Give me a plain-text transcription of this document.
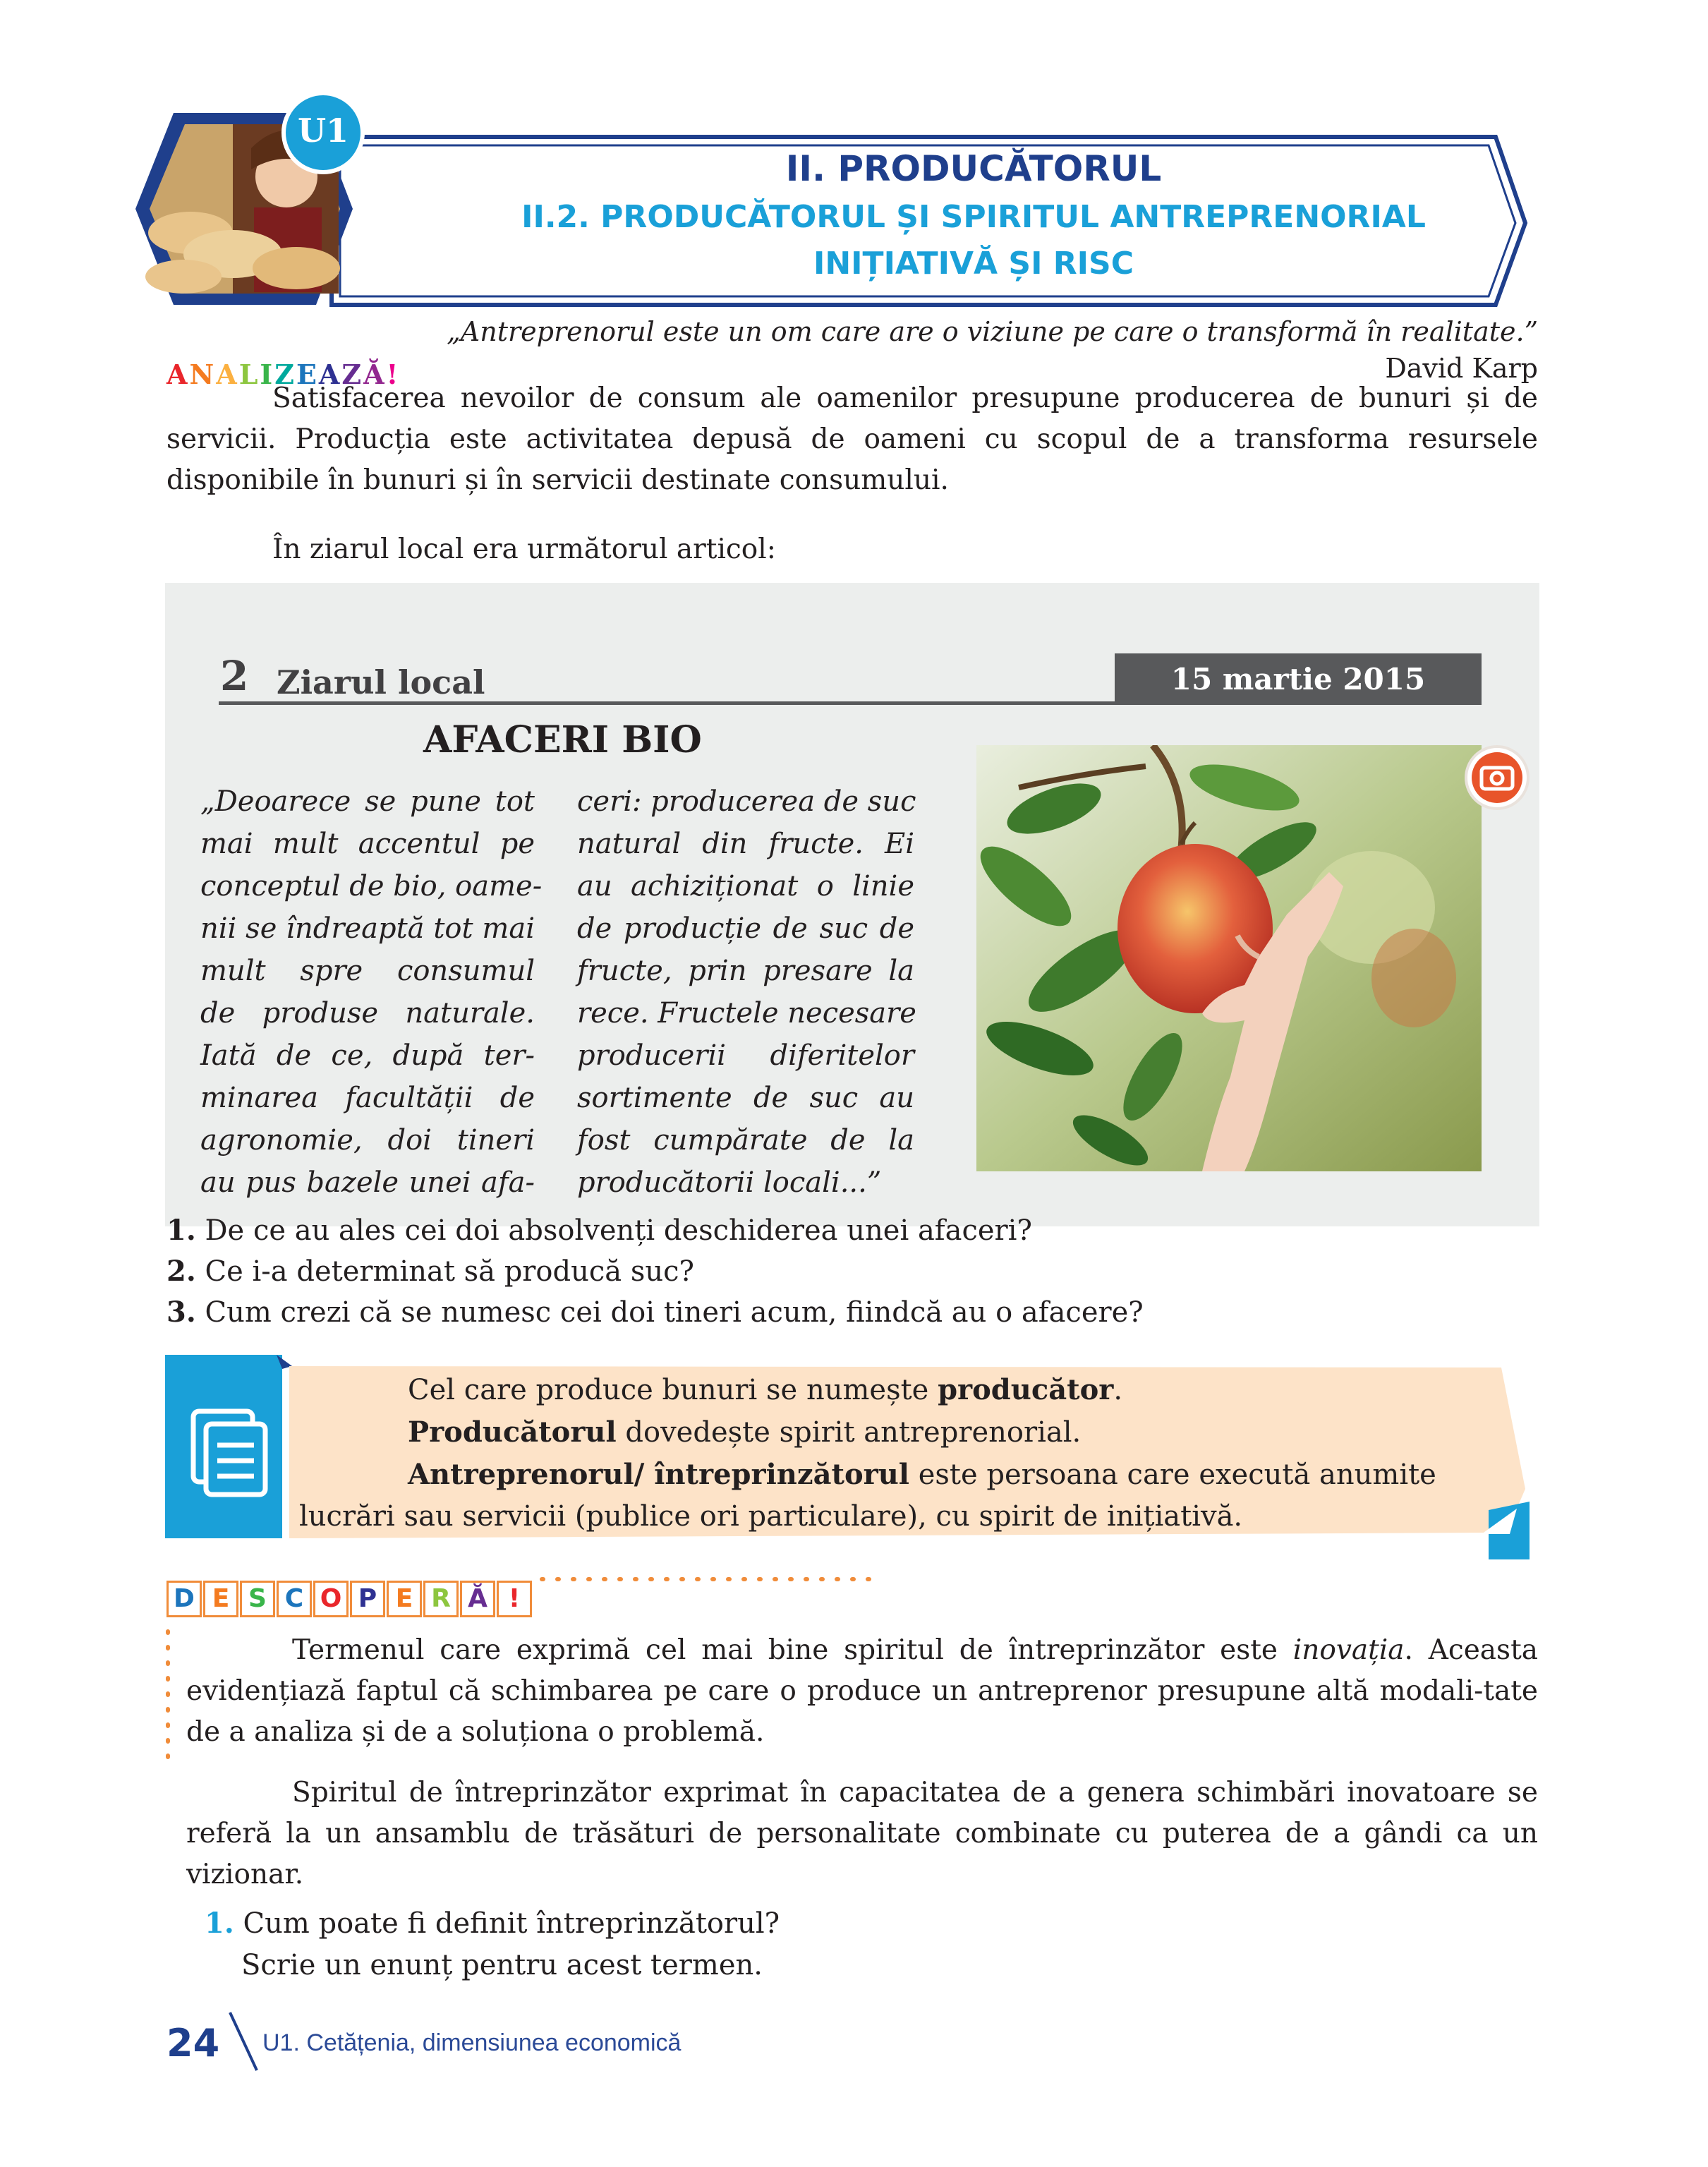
U1
II. PRODUCĂTORUL
II.2. PRODUCĂTORUL ȘI SPIRITUL ANTREPRENORIAL
INIȚIATIVĂ ȘI RISC
„Antreprenorul este un om care are o viziune pe care o transformă în realitate.”
David Karp
ANALIZEAZĂ!

Satisfacerea nevoilor de consum ale oamenilor presupune producerea de bunuri și de servicii. Producția este activitatea depusă de oameni cu scopul de a transforma resursele disponibile în bunuri și în servicii destinate consumului.

În ziarul local era următorul articol:

2 Ziarul local	15 martie 2015
AFACERI BIO
„Deoarece se pune tot
mai mult accentul pe
conceptul de bio, oame-
nii se îndreaptă tot mai
mult spre consumul
de produse naturale.
Iată de ce, după ter-
minarea facultății de
agronomie, doi tineri
au pus bazele unei afa-
ceri: producerea de suc
natural din fructe. Ei
au achiziționat o linie
de producție de suc de
fructe, prin presare la
rece. Fructele necesare
producerii diferitelor
sortimente de suc au
fost cumpărate de la
producătorii locali...”
1. De ce au ales cei doi absolvenți deschiderea unei afaceri?
2. Ce i-a determinat să producă suc?
3. Cum crezi că se numesc cei doi tineri acum, fiindcă au o afacere?
Cel care produce bunuri se numește producător.
Producătorul dovedește spirit antreprenorial.
Antreprenorul/ întreprinzătorul este persoana care execută anumite
lucrări sau servicii (publice ori particulare), cu spirit de inițiativă.
D E S C O P E R Ă !

Termenul care exprimă cel mai bine spiritul de întreprinzător este inovația. Aceasta evidențiază faptul că schimbarea pe care o produce un antreprenor presupune altă modali-tate de a analiza și de a soluționa o problemă.

Spiritul de întreprinzător exprimat în capacitatea de a genera schimbări inovatoare se referă la un ansamblu de trăsături de personalitate combinate cu puterea de a gândi ca un vizionar.

1. Cum poate fi definit întreprinzătorul?
Scrie un enunț pentru acest termen.
24 U1. Cetățenia, dimensiunea economică
